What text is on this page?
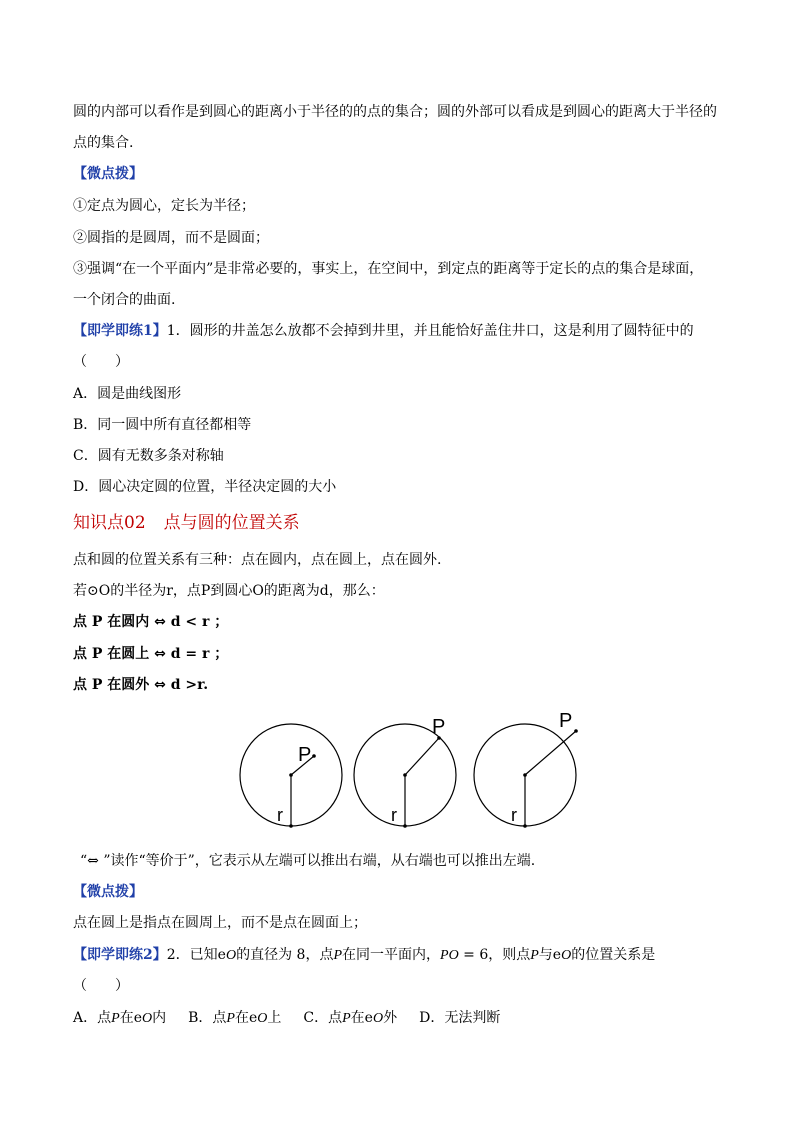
圆的内部可以看作是到圆心的距离小于半径的的点的集合；圆的外部可以看成是到圆心的距离大于半径的
点的集合.
【微点拨】
①定点为圆心，定长为半径；
②圆指的是圆周，而不是圆面；
③强调“在一个平面内”是非常必要的，事实上，在空间中，到定点的距离等于定长的点的集合是球面，
一个闭合的曲面.
【即学即练1】1．圆形的井盖怎么放都不会掉到井里，并且能恰好盖住井口，这是利用了圆特征中的
（　　）
A．圆是曲线图形
B．同一圆中所有直径都相等
C．圆有无数多条对称轴
D．圆心决定圆的位置，半径决定圆的大小
知识点02 点与圆的位置关系
点和圆的位置关系有三种：点在圆内，点在圆上，点在圆外.
若⊙O的半径为r，点P到圆心O的距离为d，那么：
点 P 在圆内 ⇔ d < r ；
点 P 在圆上 ⇔ d = r ；
点 P 在圆外 ⇔ d >r.
P
r
P
r
P
r
“⇔ ”读作“等价于”，它表示从左端可以推出右端，从右端也可以推出左端.
【微点拨】
点在圆上是指点在圆周上，而不是点在圆面上；
【即学即练2】2．已知eO的直径为 8，点P在同一平面内，PO = 6，则点P与eO的位置关系是
（　　）
A．点P在eO内 B．点P在eO上 C．点P在eO外 D．无法判断
